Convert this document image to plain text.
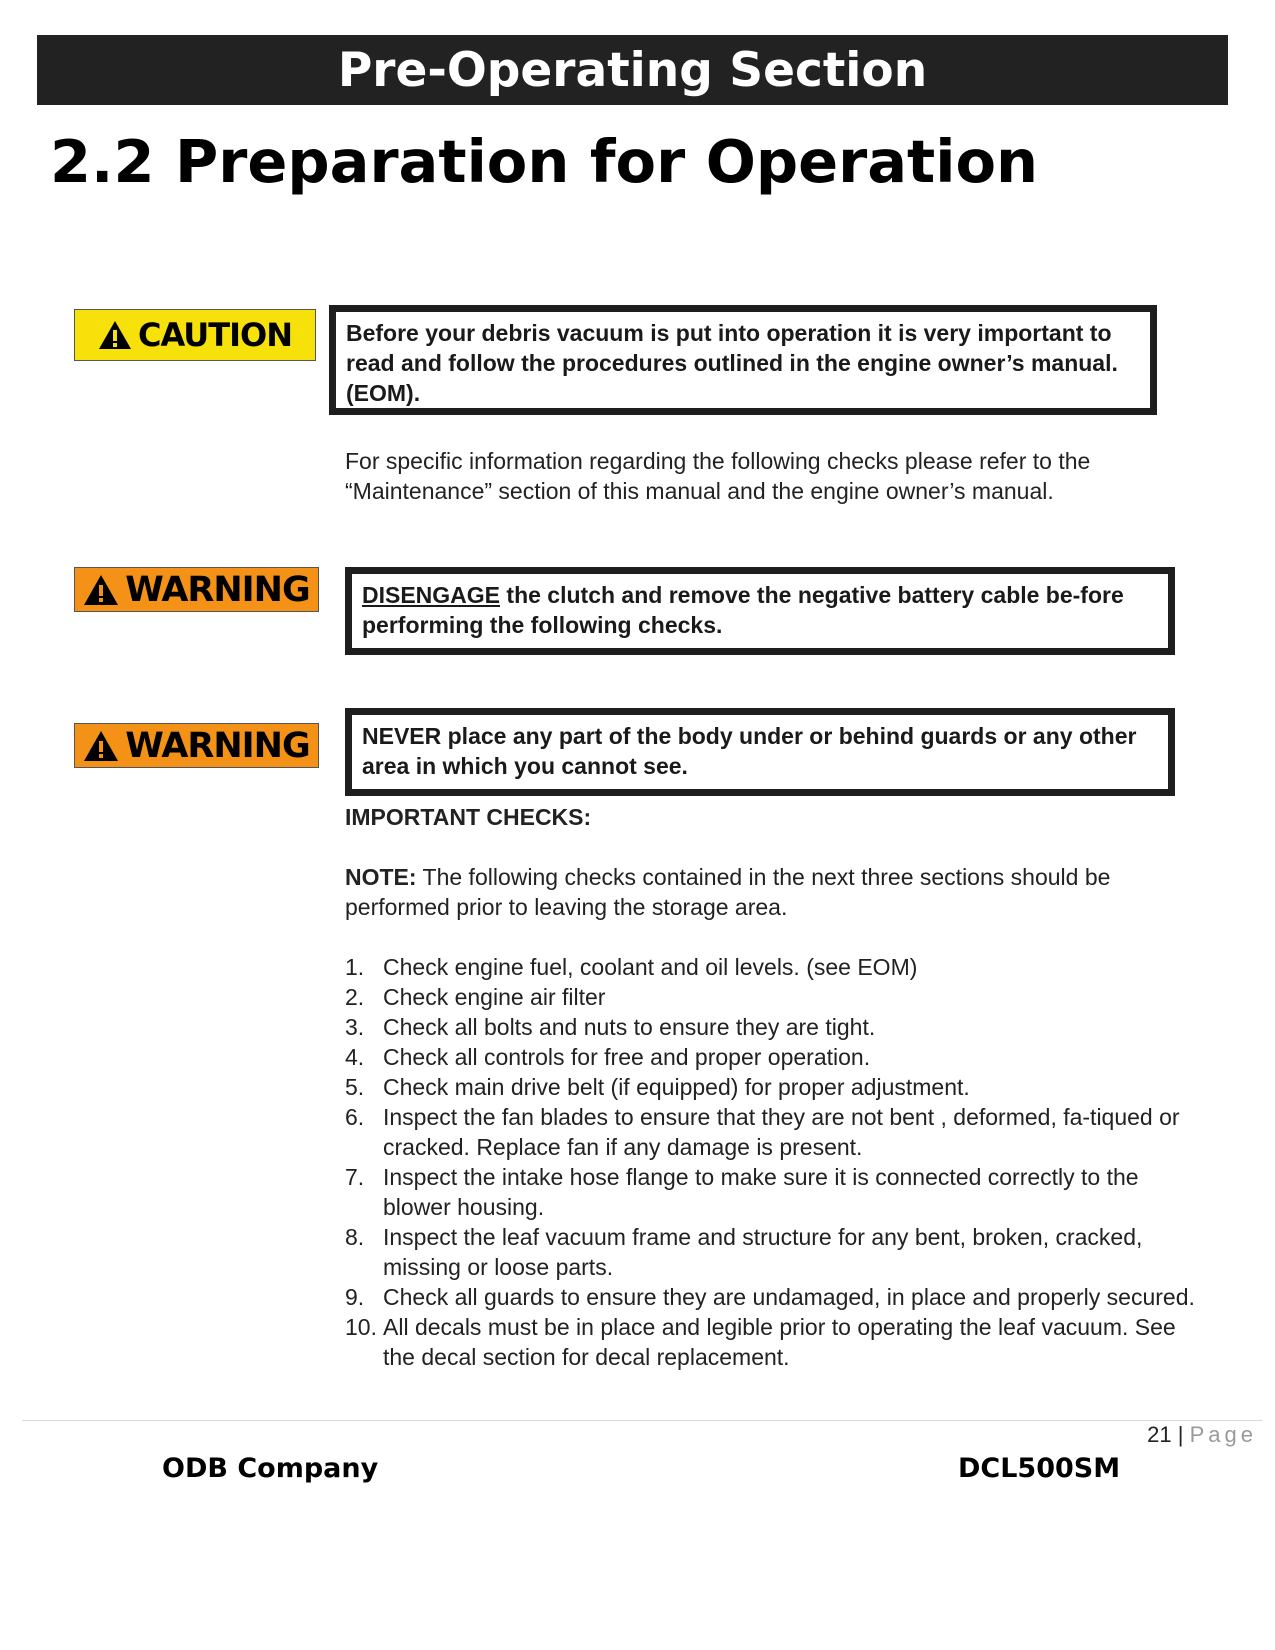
Pre-Operating Section
2.2 Preparation for Operation
CAUTION	Before your debris vacuum is put into operation it is very important to read and follow the procedures outlined in the engine owner’s manual. (EOM).

For specific information regarding the following checks please refer to the “Maintenance” section of this manual and the engine owner’s manual.

WARNING	DISENGAGE the clutch and remove the negative battery cable be-fore performing the following checks.
WARNING	NEVER place any part of the body under or behind guards or any other area in which you cannot see.

IMPORTANT CHECKS:

NOTE: The following checks contained in the next three sections should be performed prior to leaving the storage area.

1. Check engine fuel, coolant and oil levels. (see EOM)
2. Check engine air filter
3. Check all bolts and nuts to ensure they are tight.
4. Check all controls for free and proper operation.
5. Check main drive belt (if equipped) for proper adjustment.
6. Inspect the fan blades to ensure that they are not bent , deformed, fa-tiqued or cracked. Replace fan if any damage is present.
7. Inspect the intake hose flange to make sure it is connected correctly to the blower housing.
8. Inspect the leaf vacuum frame and structure for any bent, broken, cracked, missing or loose parts.
9. Check all guards to ensure they are undamaged, in place and properly secured.
10. All decals must be in place and legible prior to operating the leaf vacuum. See the decal section for decal replacement.
21 | Page
ODB Company	DCL500SM
